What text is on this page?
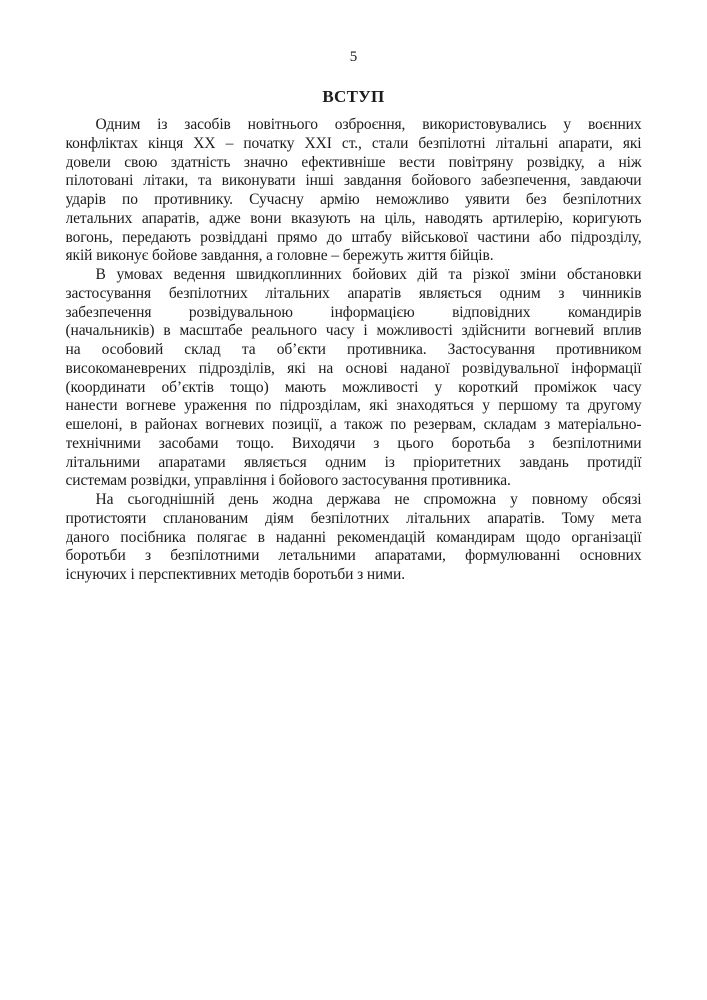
5
ВСТУП
Одним із засобів новітнього озброєння, використовувались у воєнних
конфліктах кінця XX – початку XXI ст., стали безпілотні літальні апарати, які
довели свою здатність значно ефективніше вести повітряну розвідку, а ніж
пілотовані літаки, та виконувати інші завдання бойового забезпечення, завдаючи
ударів по противнику. Сучасну армію неможливо уявити без безпілотних
летальних апаратів, адже вони вказують на ціль, наводять артилерію, коригують
вогонь, передають розвіддані прямо до штабу військової частини або підрозділу,
якій виконує бойове завдання, а головне – бережуть життя бійців.
В умовах ведення швидкоплинних бойових дій та різкої зміни обстановки
застосування безпілотних літальних апаратів являється одним з чинників
забезпечення розвідувальною інформацією відповідних командирів
(начальників) в масштабе реального часу і можливості здійснити вогневий вплив
на особовий склад та об’єкти противника. Застосування противником
високоманеврених підрозділів, які на основі наданої розвідувальної інформації
(координати об’єктів тощо) мають можливості у короткий проміжок часу
нанести вогневе ураження по підрозділам, які знаходяться у першому та другому
ешелоні, в районах вогневих позиції, а також по резервам, складам з матеріально-
технічними засобами тощо. Виходячи з цього боротьба з безпілотними
літальними апаратами являється одним із пріоритетних завдань протидії
системам розвідки, управління і бойового застосування противника.
На сьогоднішній день жодна держава не спроможна у повному обсязі
протистояти спланованим діям безпілотних літальних апаратів. Тому мета
даного посібника полягає в наданні рекомендацій командирам щодо організації
боротьби з безпілотними летальними апаратами, формулюванні основних
існуючих і перспективних методів боротьби з ними.
